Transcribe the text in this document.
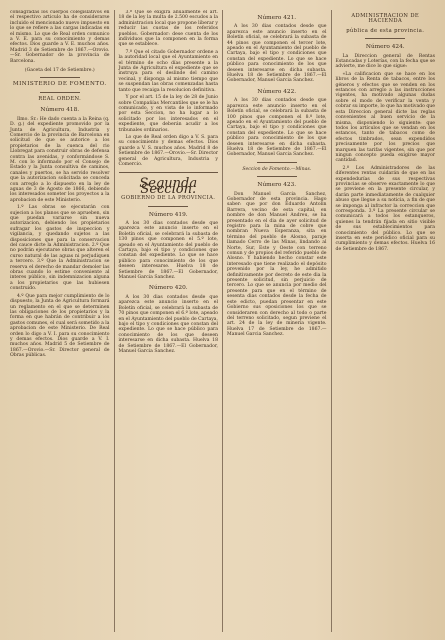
consagradas los cuerpos colegislativos en el respectivo articulo ha de considerarse incluido el mencionado nuevo impuesto en lo que se refiere a las cargas indicadas en el mismo. Lo que de Real orden comunico a V. E. para su conocimiento y demas efectos. Dios guarde a V. E. muchos años. Madrid 3 de Setiembre de 1867.—Orovio.—Sr. Gobernador de la provincia de Barcelona.

(Gaceta del 17 de Setiembre.)

MINISTERIO DE FOMENTO.

REAL ORDEN.

Número 418.

Ilmo. Sr.: He dado cuenta a la Reina (q. D. g.) del expediente promovido por la Junta de Agricultura, Industria y Comercio de la provincia de Barcelona en solicitud de que se autorice a los propietarios de la cuenca del rio Llobregat para construir obras de defensa contra las avenidas, y conformándose S. M. con lo informado por el Consejo de Estado y la Junta consultiva de caminos, canales y puertos, se ha servido resolver que la autorizacion solicitada se conceda con arreglo a lo dispuesto en la ley de aguas de 3 de Agosto de 1866, debiendo los interesados someter los proyectos a la aprobacion de este Ministerio.

1.º Las obras se ejecutarán con sujecion a los planos que se aprueben, sin que puedan variarse sin nueva autorizacion, debiendo los propietarios sufragar los gastos de inspeccion y vigilancia, y quedando sujetos a las disposiciones que para la conservacion del cauce dicte la Administracion. 2.º Que no podrán ejecutarse obras que alteren el curso natural de las aguas ni perjudiquen a tercero. 3.º Que la Administracion se reserva el derecho de mandar demoler las obras cuando lo estime conveniente al interes público, sin indemnizacion alguna a los propietarios que las hubiesen construido.

4.º Que para mejor cumplimiento de lo dispuesto, la Junta de Agricultura formará un reglamento en el que se determinen las obligaciones de los propietarios y la forma en que habrán de contribuir a los gastos comunes, el cual será sometido a la aprobacion de este Ministerio. De Real orden lo digo a V. I. para su conocimiento y demas efectos. Dios guarde a V. I. muchos años. Madrid 5 de Setiembre de 1867.—Orovio.—Sr. Director general de Obras públicas.

3.º Que se exigirá anualmente el art. 18 de la ley la multa de 2.500 escudos a la administracion local que propone liberar y reducir las cuotas de los referidos pueblos. Gobernador: dese cuenta de los individuos que la componen en la forma que se establece.

7.º Que el citado Gobernador ordene a la autoridad local que el Ayuntamiento en el término de ocho días presente a la Junta de Agricultura el expediente que se instruya para el deslinde del camino vecinal, y disponga al mismo tiempo que se suspendan las obras comenzadas hasta tanto que recaiga la resolucion definitiva.

Y por el art. 15 de la ley de 28 de Junio sobre Compañías Mercantiles que se le ha comunicado, y en vista de lo informado por esta Seccion, no ha lugar a lo solicitado por los interesados en el expediente, que deberán acudir a los tribunales ordinarios.

Lo que de Real orden digo a V. S. para su conocimiento y demas efectos. Dios guarde a V. S. muchos años. Madrid 8 de Setiembre de 1867.—Orovio.—Sr. Director general de Agricultura, Industria y Comercio.

Segunda Seccion.

GOBIERNO DE LA PROVINCIA.

Número 419.

A los 30 dias contados desde que aparezca este anuncio inserto en el Boletín oficial, se celebrará la subasta de 130 pinos que componen el 5.º lote, apeado en el Ayuntamiento del pueblo de Cartaya, bajo el tipo y condiciones que constan del expediente. Lo que se hace público para conocimiento de los que deseen interesarse. Huelva 18 de Setiembre de 1867.—El Gobernador, Manuel Garcia Sanchez.

Número 420.

A los 30 dias contados desde que aparezca este anuncio inserto en el Boletín oficial, se celebrará la subasta de 70 pinos que componen el 6.º lote, apeado en el Ayuntamiento del pueblo de Cartaya, bajo el tipo y condiciones que constan del expediente. Lo que se hace público para conocimiento de los que deseen interesarse en dicha subasta. Huelva 18 de Setiembre de 1867.—El Gobernador, Manuel Garcia Sanchez.

Número 421.

A los 30 dias contados desde que aparezca este anuncio inserto en el Boletín oficial, se celebrará la subasta de 44 pinos que componen el tercer lote, apeado en el Ayuntamiento del pueblo de Cartaya, bajo el tipo y condiciones que constan del expediente. Lo que se hace público para conocimiento de los que deseen interesarse en dicha subasta. Huelva 18 de Setiembre de 1867.—El Gobernador, Manuel Garcia Sanchez.

Número 422.

A los 30 dias contados desde que aparezca este anuncio inserto en el Boletín oficial, se celebrará la subasta de 100 pinos que componen el 8.º lote, apeado en el Ayuntamiento del pueblo de Cartaya, bajo el tipo y condiciones que constan del expediente. Lo que se hace público para conocimiento de los que deseen interesarse en dicha subasta. Huelva 18 de Setiembre de 1867.—El Gobernador, Manuel Garcia Sanchez.

Seccion de Fomento.—Minas.

Número 423.

Don Manuel Garcia Sanchez, Gobernador de esta provincia. Hago saber: que por don Eduardo Antolin Barrera, vecino de esta capital, en nombre de don Manuel Andreu, se ha presentado en el dia de ayer solicitud de registro para la mina de cobre que nombran Nueva Esperanza, sita en término del pueblo de Alosno, paraje llamado Cerro de las Minas, lindando al Norte, Sur, Este y Oeste con terreno comun y de propios del referido pueblo de Alosno. Y habiendo hecho constar este interesado que tiene realizado el depósito prevenido por la ley, he admitido definitivamente por decreto de este dia la presente solicitud, sin perjuicio de tercero. Lo que se anuncia por medio del presente para que en el término de sesenta dias contados desde la fecha de este edicto, puedan presentar en este Gobierno sus oposiciones los que se consideraren con derecho al todo o parte del terreno solicitado, segun previene el art. 24 de la ley de minería vigente. Huelva 17 de Setiembre de 1867.—Manuel Garcia Sanchez.

ADMINISTRACION DE HACIENDA

pública de esta provincia.

Número 424.

La Direccion general de Rentas Estancadas y Loterías, con la fecha que se advierte, me dice lo que sigue:

«La calificacion que se hace en los libros de la Renta de tabacos, entre los géneros y efectos que se venden en los estancos con arreglo a las instrucciones vigentes, ha motivado algunas dudas sobre el modo de verificar la venta y cobrar su importe, lo que ha motivado que esta Direccion general dicte las reglas convenientes al buen servicio de la misma, disponiendo lo siguiente: que todos los artículos que se vendan en los estancos, tanto de tabacos como de efectos timbrados, sean expendidos precisamente por los precios que marquen las tarifas vigentes, sin que por ningun concepto pueda exigirse mayor cantidad.

2.º Los Administradores de las diferentes rentas cuidarán de que en las expendedurías de sus respectivas provincias se observe exactamente lo que se previene en la presente circular, y darán parte inmediatamente de cualquier abuso que llegue a su noticia, a fin de que se imponga al infractor la correccion que corresponda. 3.º La presente circular se comunicará a todos los estanqueros, quienes la tendrán fijada en sitio visible de sus establecimientos para conocimiento del público. Lo que se inserta en este periódico oficial para su cumplimiento y demas efectos. Huelva 16 de Setiembre de 1867.
